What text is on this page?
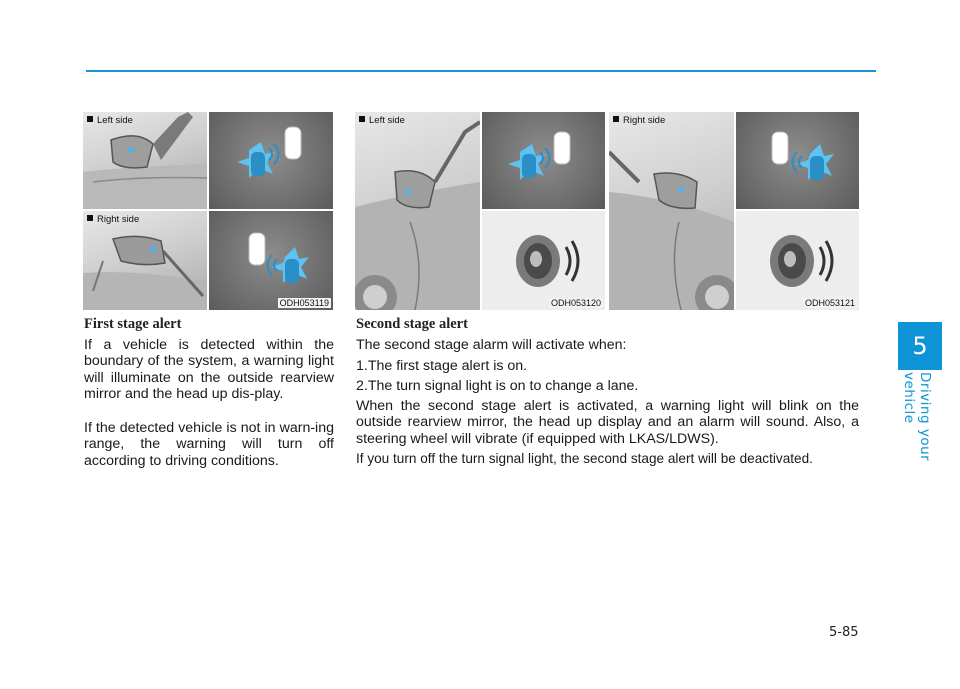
Left side
Right side
ODH053119
Left side
ODH053120
Right side
ODH053121
First stage alert

If a vehicle is detected within the boundary of the system, a warning light will illuminate on the outside rearview mirror and the head up dis-play.

If the detected vehicle is not in warn-ing range, the warning will turn off according to driving conditions.

Second stage alert

The second stage alarm will activate when:

1.The first stage alert is on.

2.The turn signal light is on to change a lane.

When the second stage alert is activated, a warning light will blink on the outside rearview mirror, the head up display and an alarm will sound. Also, a steering wheel will vibrate (if equipped with LKAS/LDWS).

If you turn off the turn signal light, the second stage alert will be deactivated.

5
Driving your vehicle
5-85
